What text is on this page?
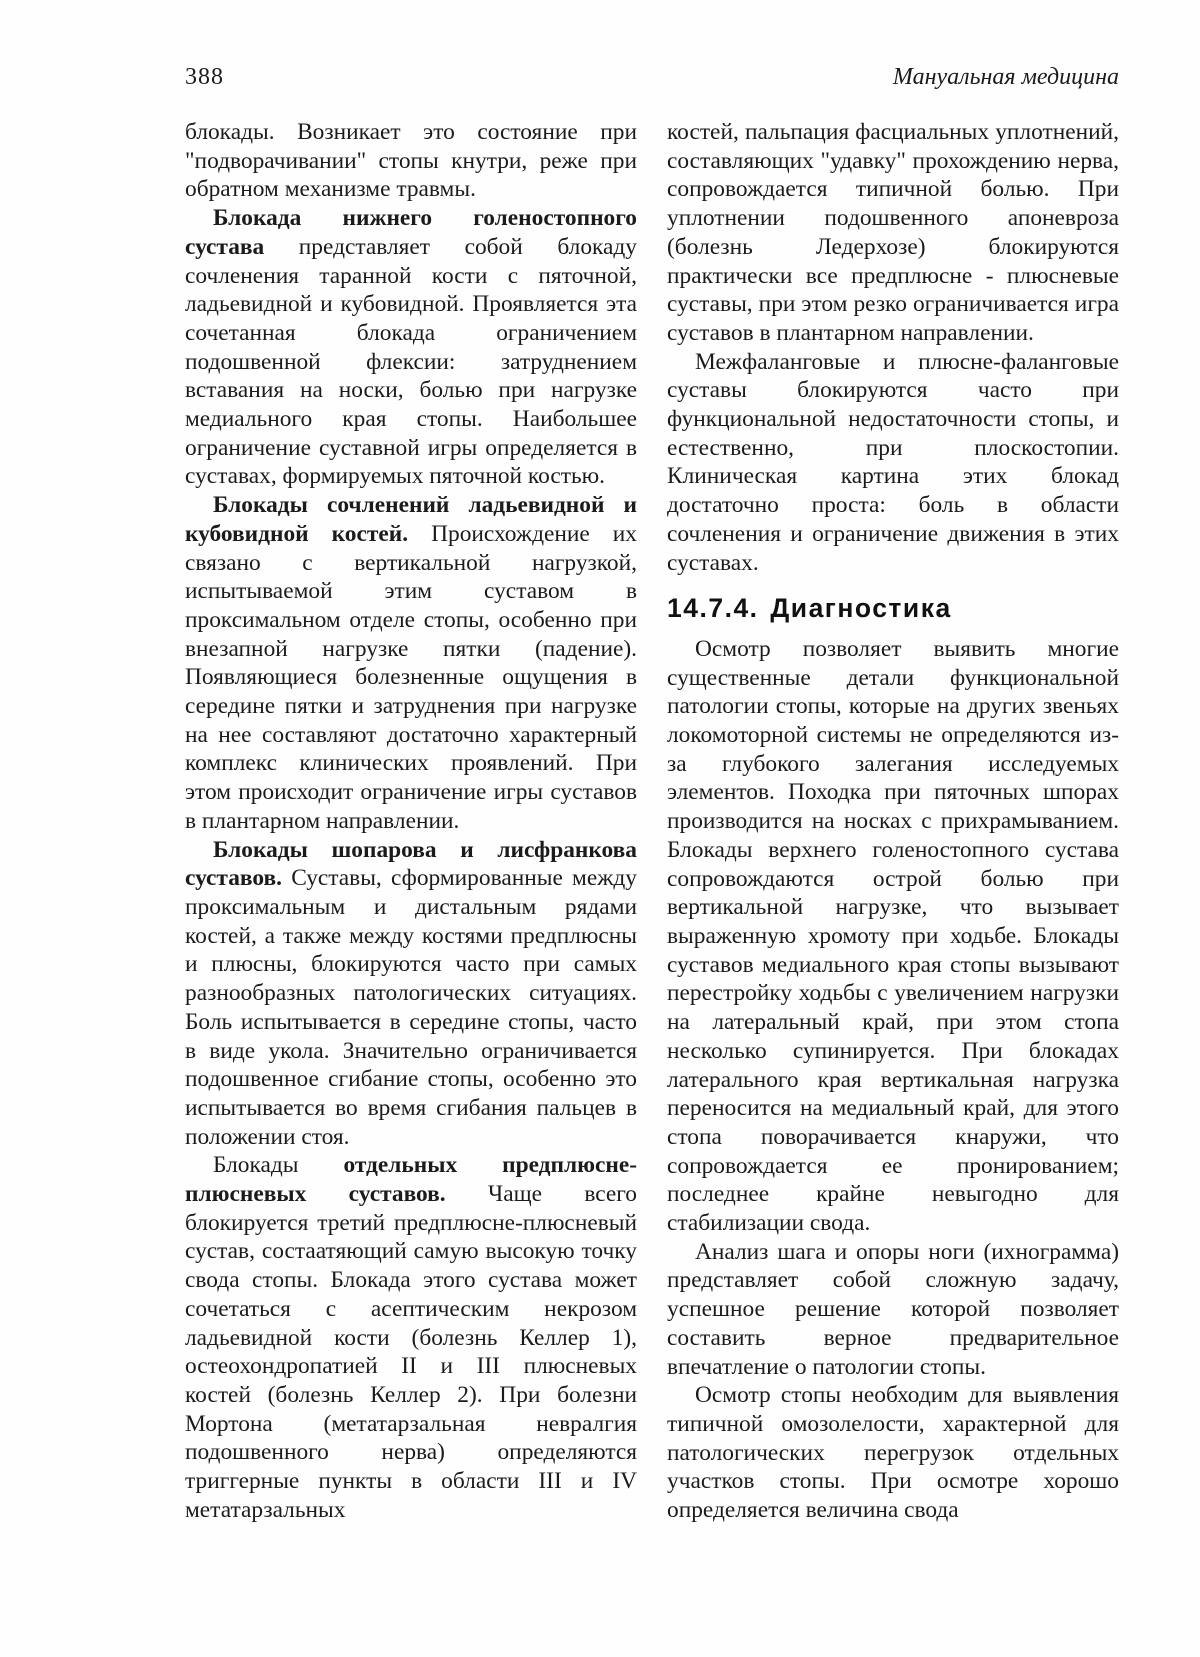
388	Мануальная медицина

блокады. Возникает это состояние при "подворачивании" стопы кнутри, реже при обратном механизме травмы.

Блокада нижнего голеностопного сустава представляет собой блокаду сочленения таранной кости с пяточной, ладьевидной и кубовидной. Проявляется эта сочетанная блокада ограничением подошвенной флексии: затруднением вставания на носки, болью при нагрузке медиального края стопы. Наибольшее ограничение суставной игры определяется в суставах, формируемых пяточной костью.

Блокады сочленений ладьевидной и кубовидной костей. Происхождение их связано с вертикальной нагрузкой, испытываемой этим суставом в проксимальном отделе стопы, особенно при внезапной нагрузке пятки (падение). Появляющиеся болезненные ощущения в середине пятки и затруднения при нагрузке на нее составляют достаточно характерный комплекс клинических проявлений. При этом происходит ограничение игры суставов в плантарном направлении.

Блокады шопарова и лисфранкова суставов. Суставы, сформированные между проксимальным и дистальным рядами костей, а также между костями предплюсны и плюсны, блокируются часто при самых разнообразных патологических ситуациях. Боль испытывается в середине стопы, часто в виде укола. Значительно ограничивается подошвенное сгибание стопы, особенно это испытывается во время сгибания пальцев в положении стоя.

Блокады отдельных предплюсне-плюсневых суставов. Чаще всего блокируется третий предплюсне-плюсневый сустав, состаатяющий самую высокую точку свода стопы. Блокада этого сустава может сочетаться с асептическим некрозом ладьевидной кости (болезнь Келлер 1), остеохондропатией II и III плюсневых костей (болезнь Келлер 2). При болезни Мортона (метатарзальная невралгия подошвенного нерва) определяются триггерные пункты в области III и IV метатарзальных

костей, пальпация фасциальных уплотнений, составляющих "удавку" прохождению нерва, сопровождается типичной болью. При уплотнении подошвенного апоневроза (болезнь Ледерхозе) блокируются практически все предплюсне - плюсневые суставы, при этом резко ограничивается игра суставов в плантарном направлении.

Межфаланговые и плюсне-фаланговые суставы блокируются часто при функциональной недостаточности стопы, и естественно, при плоскостопии. Клиническая картина этих блокад достаточно проста: боль в области сочленения и ограничение движения в этих суставах.

14.7.4. Диагностика

Осмотр позволяет выявить многие существенные детали функциональной патологии стопы, которые на других звеньях локомоторной системы не определяются из-за глубокого залегания исследуемых элементов. Походка при пяточных шпорах производится на носках с прихрамыванием. Блокады верхнего голеностопного сустава сопровождаются острой болью при вертикальной нагрузке, что вызывает выраженную хромоту при ходьбе. Блокады суставов медиального края стопы вызывают перестройку ходьбы с увеличением нагрузки на латеральный край, при этом стопа несколько супинируется. При блокадах латерального края вертикальная нагрузка переносится на медиальный край, для этого стопа поворачивается кнаружи, что сопровождается ее пронированием; последнее крайне невыгодно для стабилизации свода.

Анализ шага и опоры ноги (ихнограмма) представляет собой сложную задачу, успешное решение которой позволяет составить верное предварительное впечатление о патологии стопы.

Осмотр стопы необходим для выявления типичной омозолелости, характерной для патологических перегрузок отдельных участков стопы. При осмотре хорошо определяется величина свода
